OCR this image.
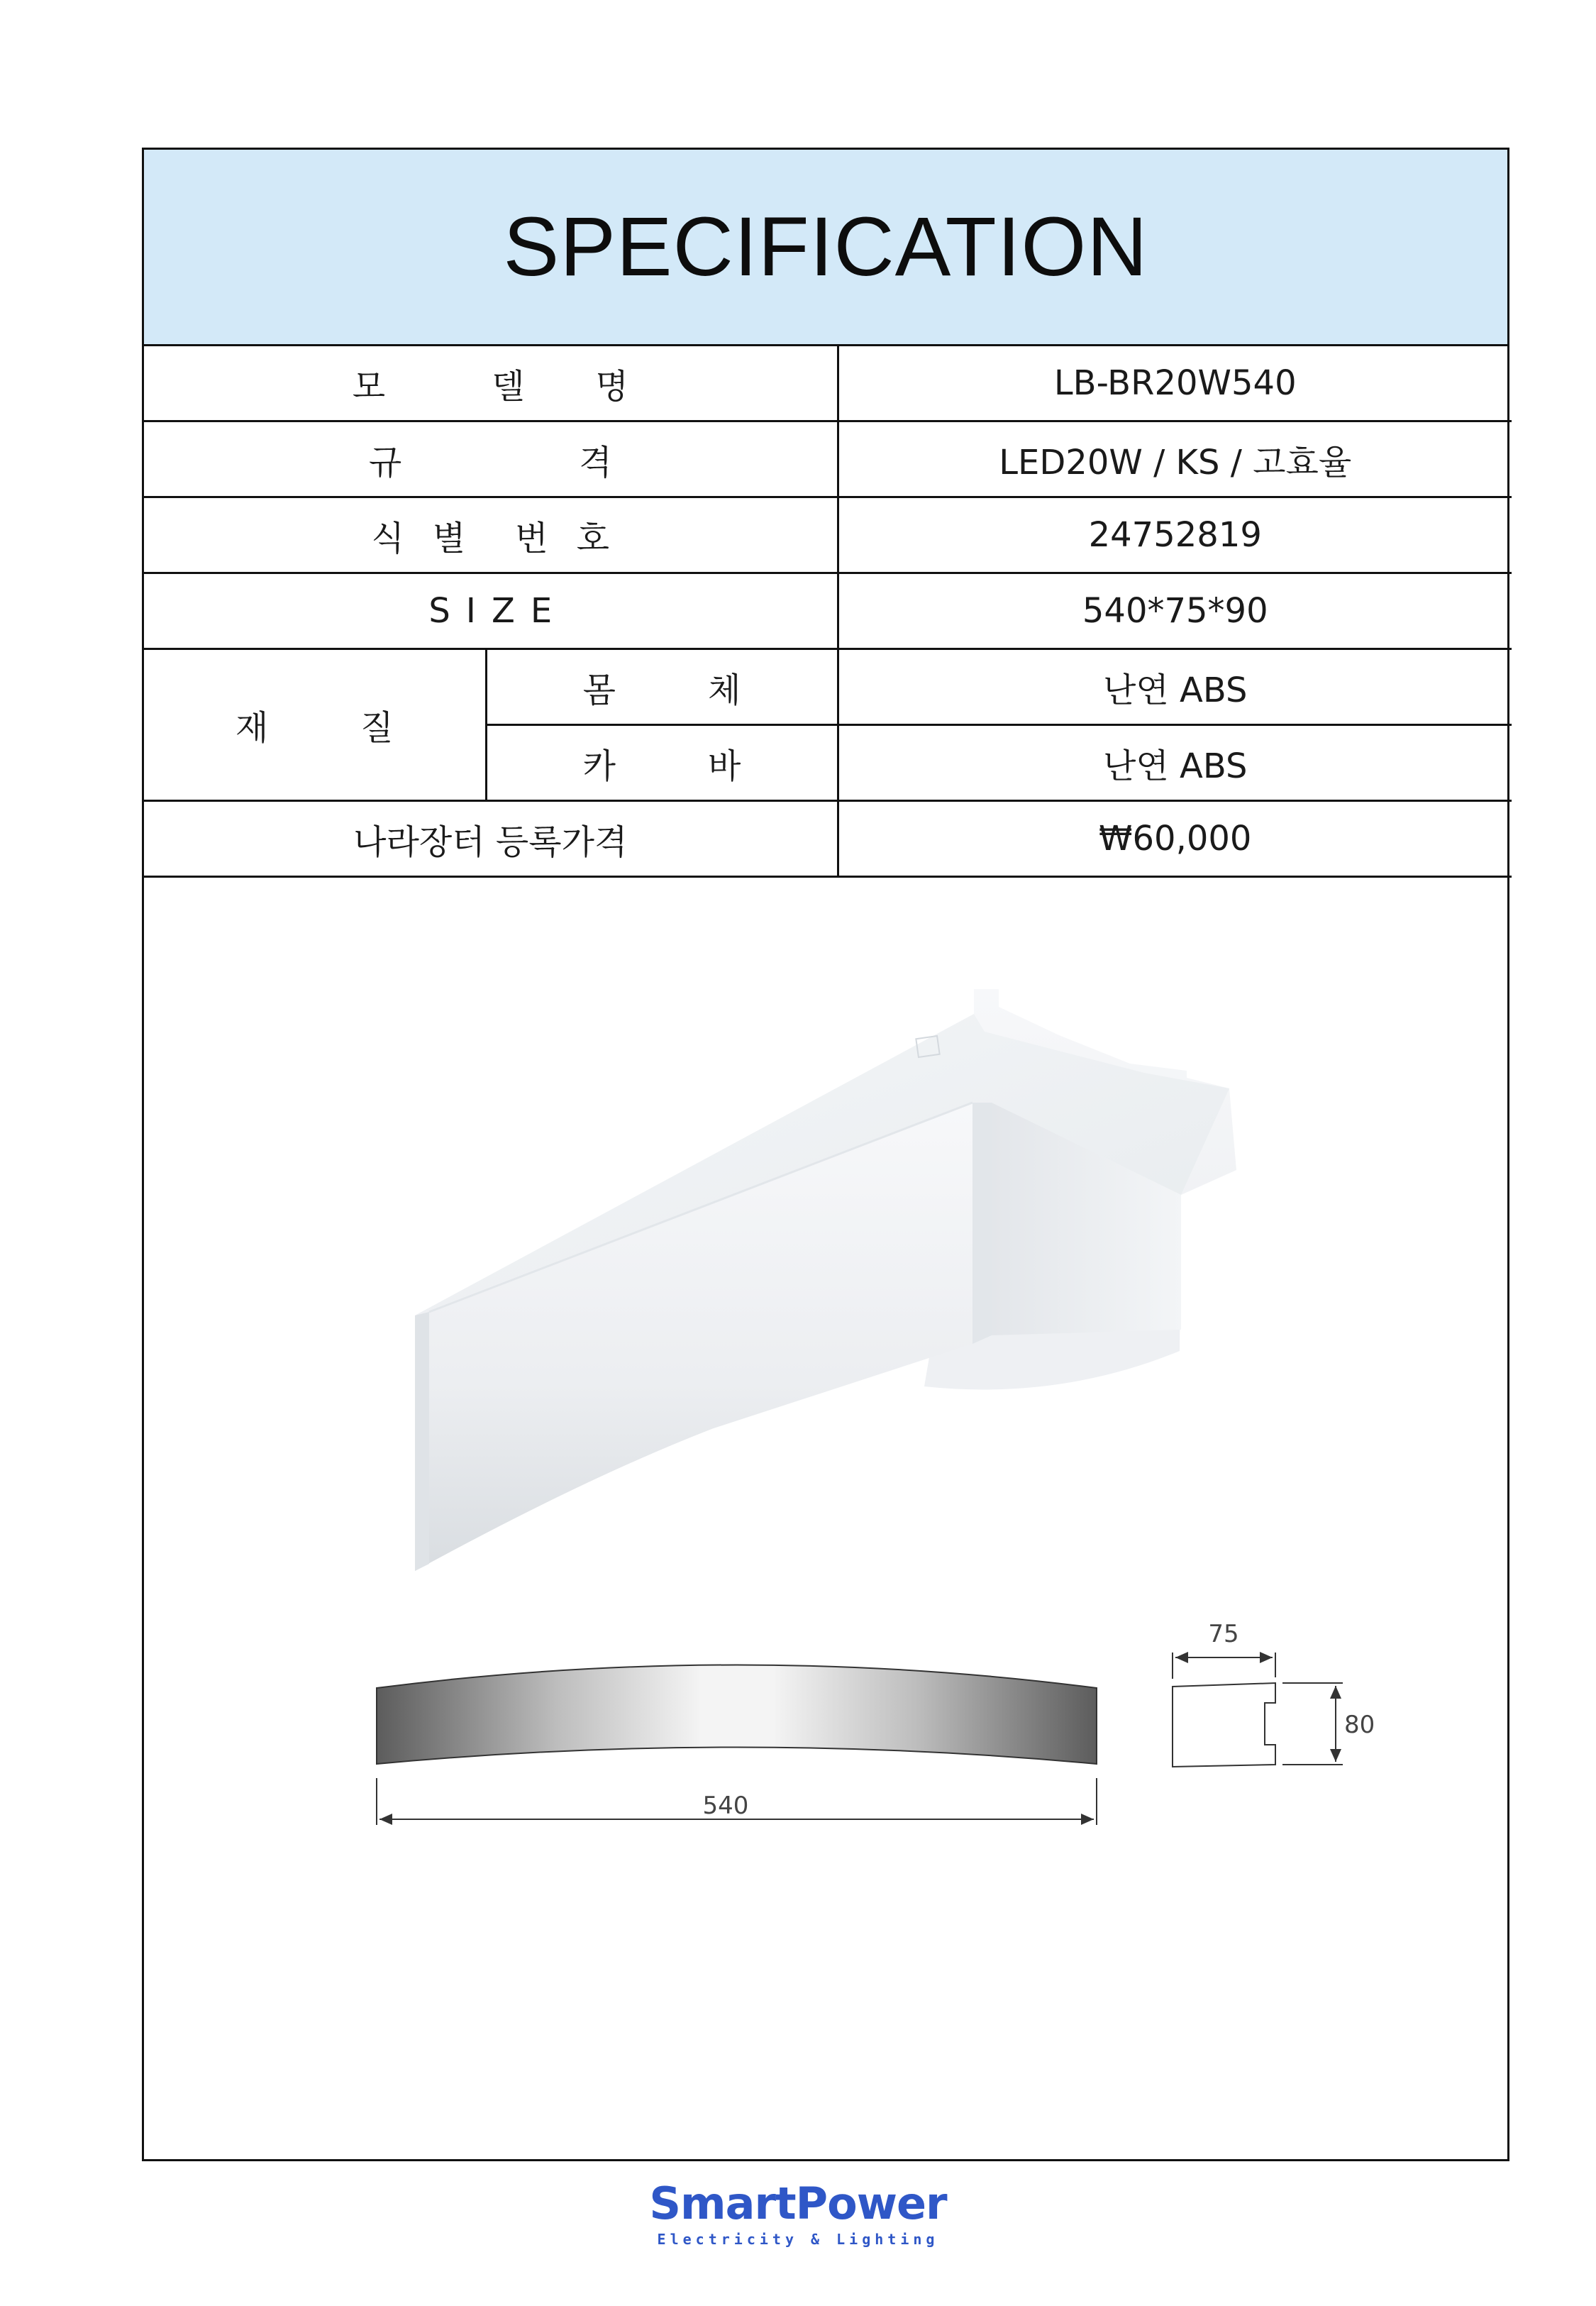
SPECIFICATION
모 델 명		LB-BR20W540
규 격		LED20W / KS / 고효율
식 별 번 호		24752819
S I Z E		540*75*90
재 질	몸 체	난연 ABS
	카 바	난연 ABS
나라장터 등록가격		₩60,000
540
75
80
SmartPower
Electricity & Lighting
